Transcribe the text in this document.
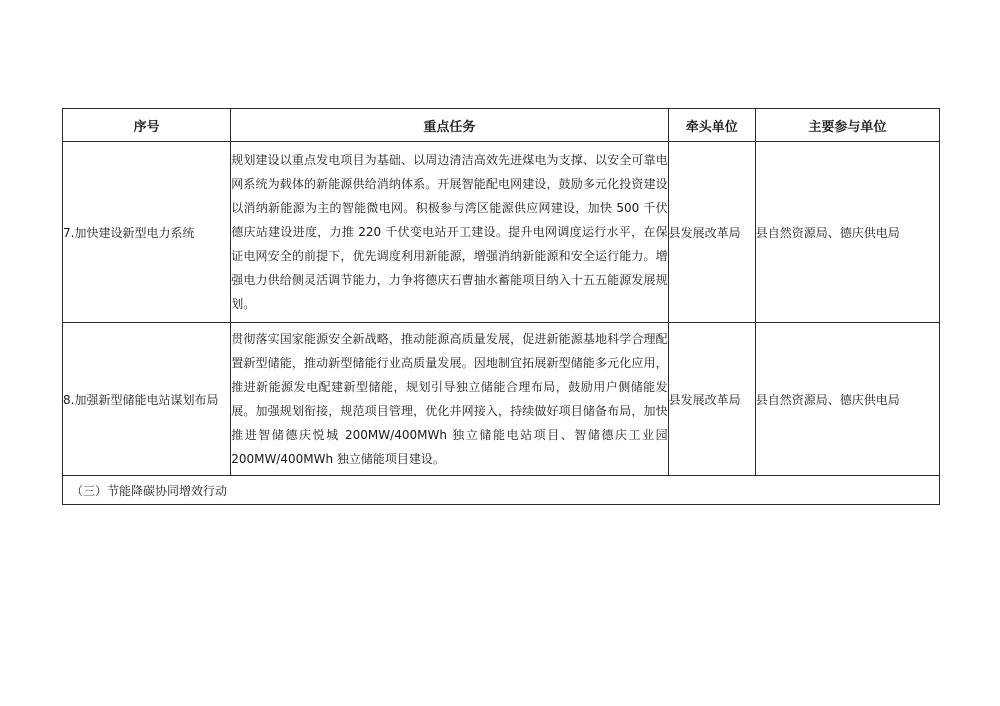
序号	重点任务	牵头单位	主要参与单位
7.加快建设新型电力系统	规划建设以重点发电项目为基础、以周边清洁高效先进煤电为支撑、以安全可靠电网系统为载体的新能源供给消纳体系。开展智能配电网建设，鼓励多元化投资建设以消纳新能源为主的智能微电网。积极参与湾区能源供应网建设，加快 500 千伏德庆站建设进度，力推 220 千伏变电站开工建设。提升电网调度运行水平，在保证电网安全的前提下，优先调度利用新能源，增强消纳新能源和安全运行能力。增强电力供给侧灵活调节能力，力争将德庆石曹抽水蓄能项目纳入十五五能源发展规划。	县发展改革局	县自然资源局、德庆供电局
8.加强新型储能电站谋划布局	贯彻落实国家能源安全新战略，推动能源高质量发展，促进新能源基地科学合理配置新型储能，推动新型储能行业高质量发展。因地制宜拓展新型储能多元化应用，推进新能源发电配建新型储能，规划引导独立储能合理布局，鼓励用户侧储能发展。加强规划衔接，规范项目管理，优化并网接入，持续做好项目储备布局，加快推进智储德庆悦城 200MW/400MWh 独立储能电站项目、智储德庆工业园200MW/400MWh 独立储能项目建设。	县发展改革局	县自然资源局、德庆供电局
（三）节能降碳协同增效行动			
